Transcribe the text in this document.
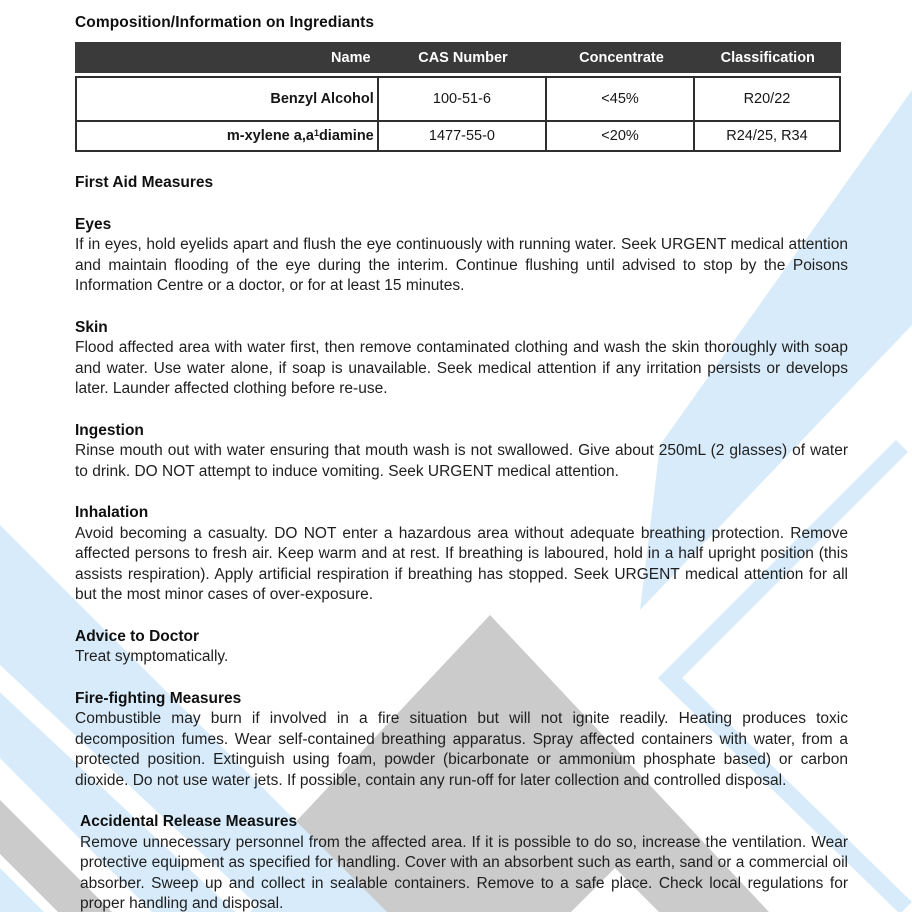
Composition/Information on Ingrediants
Name	CAS Number	Concentrate	Classification
Benzyl Alcohol	100-51-6	<45%	R20/22
m-xylene $a,a^1$ diamine	1477-55-0	<20%	R24/25, R34
First Aid Measures
Eyes

If in eyes, hold eyelids apart and flush the eye continuously with running water. Seek URGENT medical attention and maintain flooding of the eye during the interim. Continue flushing until advised to stop by the Poisons Information Centre or a doctor, or for at least 15 minutes.

Skin

Flood affected area with water first, then remove contaminated clothing and wash the skin thoroughly with soap and water. Use water alone, if soap is unavailable. Seek medical attention if any irritation persists or develops later. Launder affected clothing before re-use.

Ingestion

Rinse mouth out with water ensuring that mouth wash is not swallowed. Give about 250mL (2 glasses) of water to drink. DO NOT attempt to induce vomiting. Seek URGENT medical attention.

Inhalation

Avoid becoming a casualty. DO NOT enter a hazardous area without adequate breathing protection. Remove affected persons to fresh air. Keep warm and at rest. If breathing is laboured, hold in a half upright position (this assists respiration). Apply artificial respiration if breathing has stopped. Seek URGENT medical attention for all but the most minor cases of over-exposure.

Advice to Doctor

Treat symptomatically.

Fire-fighting Measures

Combustible may burn if involved in a fire situation but will not ignite readily. Heating produces toxic decomposition fumes. Wear self-contained breathing apparatus. Spray affected containers with water, from a protected position. Extinguish using foam, powder (bicarbonate or ammonium phosphate based) or carbon dioxide. Do not use water jets. If possible, contain any run-off for later collection and controlled disposal.

Accidental Release Measures

Remove unnecessary personnel from the affected area. If it is possible to do so, increase the ventilation. Wear protective equipment as specified for handling. Cover with an absorbent such as earth, sand or a commercial oil absorber. Sweep up and collect in sealable containers. Remove to a safe place. Check local regulations for proper handling and disposal.
